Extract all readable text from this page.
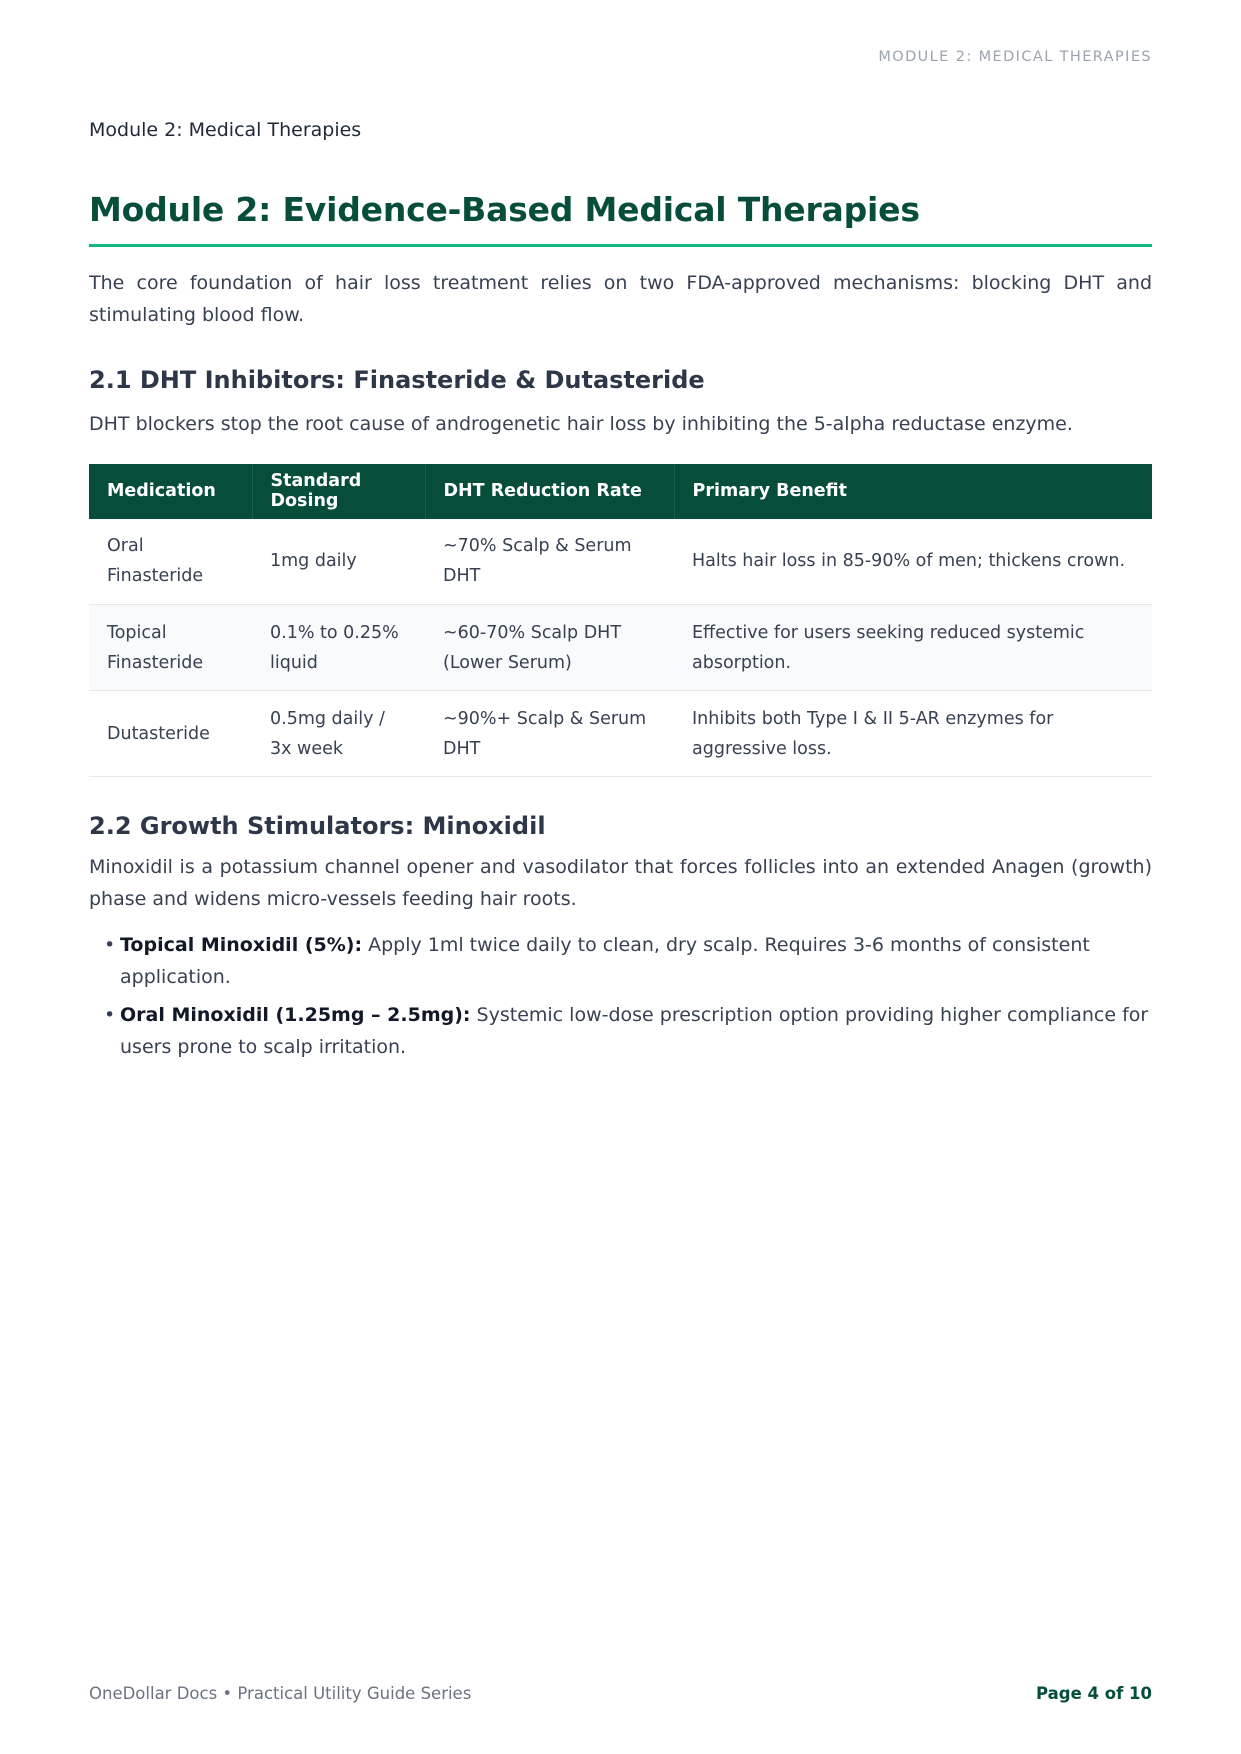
MODULE 2: MEDICAL THERAPIES
Module 2: Medical Therapies
Module 2: Evidence-Based Medical Therapies

The core foundation of hair loss treatment relies on two FDA-approved mechanisms: blocking DHT and stimulating blood flow.

2.1 DHT Inhibitors: Finasteride & Dutasteride

DHT blockers stop the root cause of androgenetic hair loss by inhibiting the 5-alpha reductase enzyme.

Medication	Standard Dosing	DHT Reduction Rate	Primary Benefit
Oral Finasteride	1mg daily	~70% Scalp & Serum DHT	Halts hair loss in 85-90% of men; thickens crown.
Topical Finasteride	0.1% to 0.25% liquid	~60-70% Scalp DHT (Lower Serum)	Effective for users seeking reduced systemic absorption.
Dutasteride	0.5mg daily / 3x week	~90%+ Scalp & Serum DHT	Inhibits both Type I & II 5-AR enzymes for aggressive loss.
2.2 Growth Stimulators: Minoxidil

Minoxidil is a potassium channel opener and vasodilator that forces follicles into an extended Anagen (growth) phase and widens micro-vessels feeding hair roots.

• Topical Minoxidil (5%): Apply 1ml twice daily to clean, dry scalp. Requires 3-6 months of consistent application.
• Oral Minoxidil (1.25mg – 2.5mg): Systemic low-dose prescription option providing higher compliance for users prone to scalp irritation.
OneDollar Docs • Practical Utility Guide Series	Page 4 of 10
